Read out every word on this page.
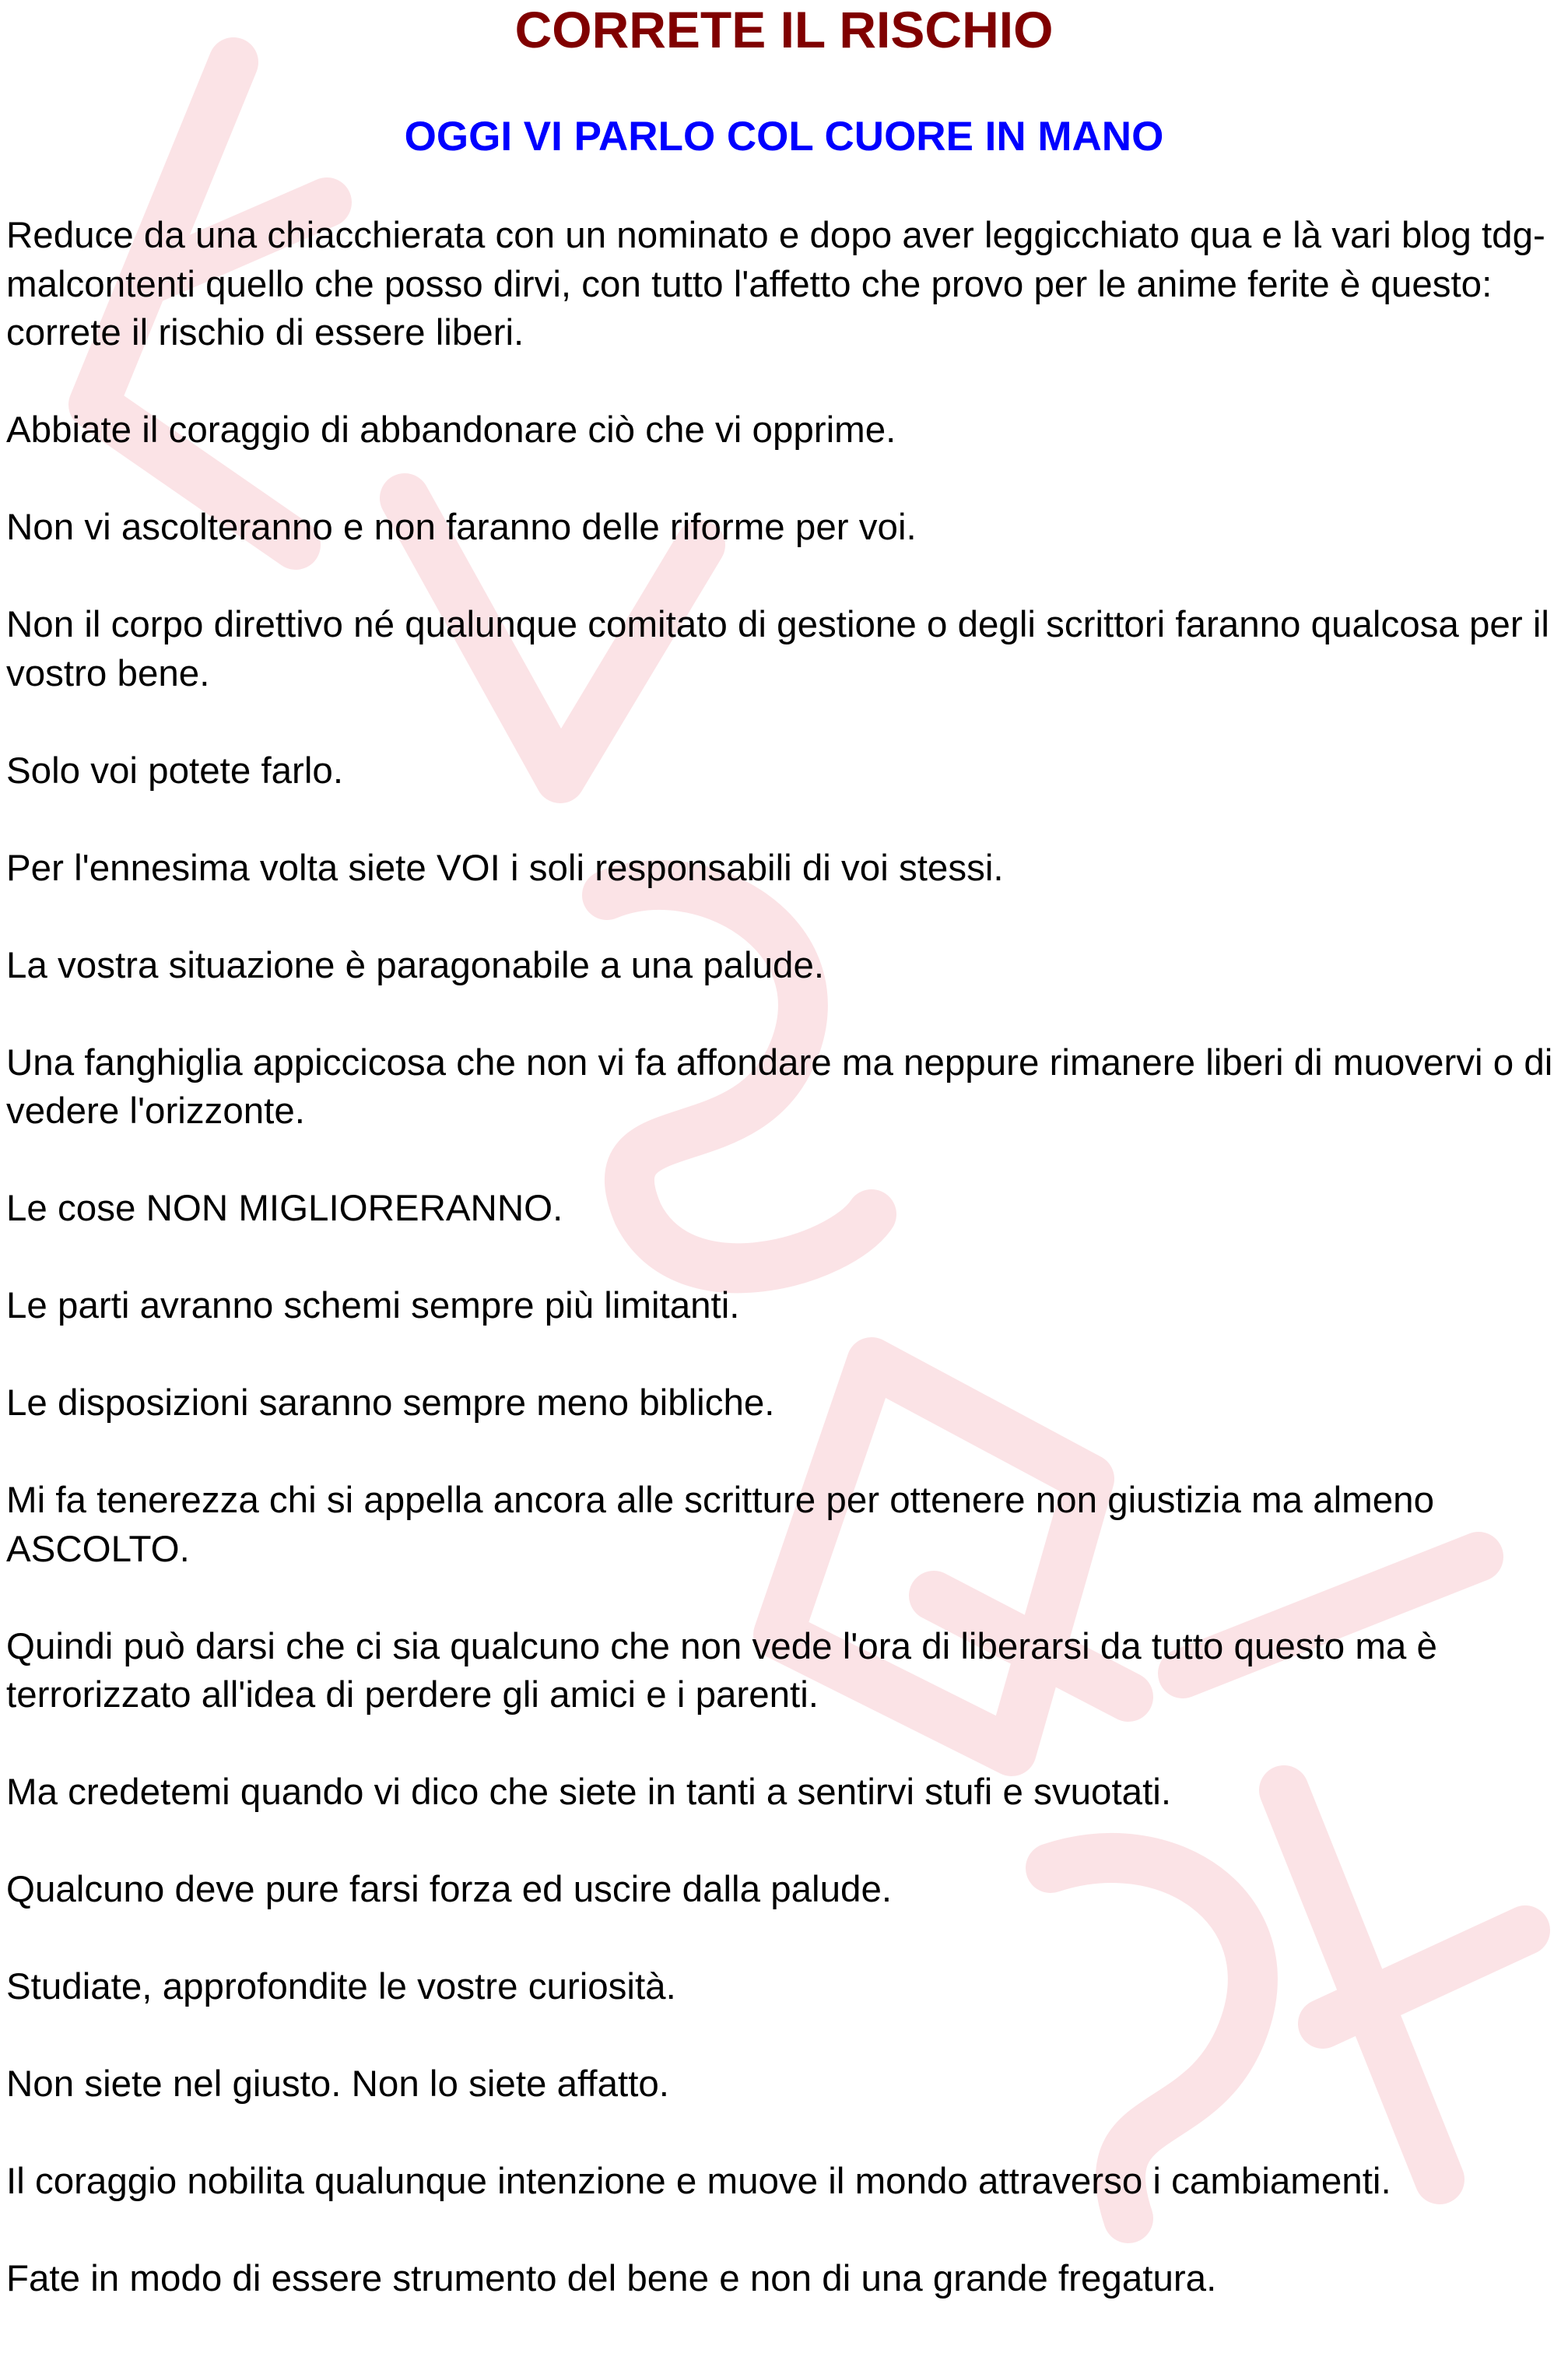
CORRETE IL RISCHIO
OGGI VI PARLO COL CUORE IN MANO

Reduce da una chiacchierata con un nominato e dopo aver leggicchiato qua e là vari blog tdg-malcontenti quello che posso dirvi, con tutto l'affetto che provo per le anime ferite è questo: correte il rischio di essere liberi.

Abbiate il coraggio di abbandonare ciò che vi opprime.

Non vi ascolteranno e non faranno delle riforme per voi.

Non il corpo direttivo né qualunque comitato di gestione o degli scrittori faranno qualcosa per il vostro bene.

Solo voi potete farlo.

Per l'ennesima volta siete VOI i soli responsabili di voi stessi.

La vostra situazione è paragonabile a una palude.

Una fanghiglia appiccicosa che non vi fa affondare ma neppure rimanere liberi di muovervi o di vedere l'orizzonte.

Le cose NON MIGLIORERANNO.

Le parti avranno schemi sempre più limitanti.

Le disposizioni saranno sempre meno bibliche.

Mi fa tenerezza chi si appella ancora alle scritture per ottenere non giustizia ma almeno ASCOLTO.

Quindi può darsi che ci sia qualcuno che non vede l'ora di liberarsi da tutto questo ma è terrorizzato all'idea di perdere gli amici e i parenti.

Ma credetemi quando vi dico che siete in tanti a sentirvi stufi e svuotati.

Qualcuno deve pure farsi forza ed uscire dalla palude.

Studiate, approfondite le vostre curiosità.

Non siete nel giusto. Non lo siete affatto.

Il coraggio nobilita qualunque intenzione e muove il mondo attraverso i cambiamenti.

Fate in modo di essere strumento del bene e non di una grande fregatura.
